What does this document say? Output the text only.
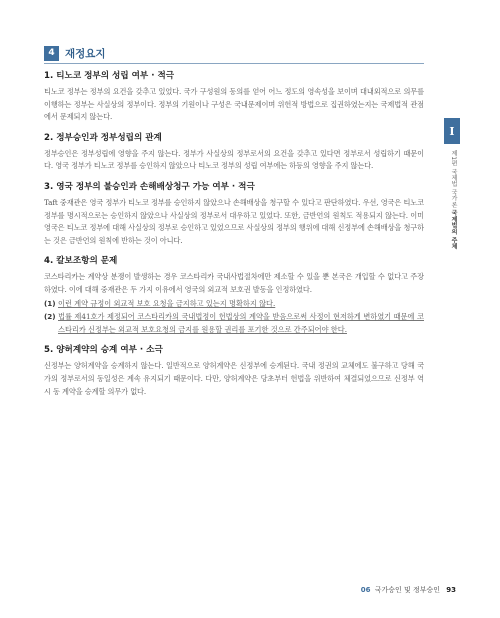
4 재정요지
1. 티노코 정부의 성립 여부 · 적극
티노코 정부는 정부의 요건을 갖추고 있었다. 국가 구성원의 동의를 얻어 어느 정도의 영속성을 보이며 대내외적으로 의무를 이행하는 정부는 사실상의 정부이다. 정부의 기원이나 구성은 국내문제이며 위헌적 방법으로 집권하였는지는 국제법적 관점에서 문제되지 않는다.
2. 정부승인과 정부성립의 관계
정부승인은 정부성립에 영향을 주지 않는다. 정부가 사실상의 정부로서의 요건을 갖추고 있다면 정부로서 성립하기 때문이다. 영국 정부가 티노코 정부를 승인하지 않았으나 티노코 정부의 성립 여부에는 하등의 영향을 주지 않는다.
3. 영국 정부의 불승인과 손해배상청구 가능 여부 · 적극
Taft 중재관은 영국 정부가 티노코 정부를 승인하지 않았으나 손해배상을 청구할 수 있다고 판단하였다. 우선, 영국은 티노코 정부를 명시적으로는 승인하지 않았으나 사실상의 정부로서 대우하고 있었다. 또한, 금반언의 원칙도 적용되지 않는다. 이미 영국은 티노코 정부에 대해 사실상의 정부로 승인하고 있었으므로 사실상의 정부의 행위에 대해 신정부에 손해배상을 청구하는 것은 금반언의 원칙에 반하는 것이 아니다.
4. 칼보조항의 문제
코스타리카는 계약상 분쟁이 발생하는 경우 코스타리카 국내사법절차에만 제소할 수 있을 뿐 본국은 개입할 수 없다고 주장하였다. 이에 대해 중재관은 두 가지 이유에서 영국의 외교적 보호권 발동을 인정하였다.
(1) 이런 계약 규정이 외교적 보호 요청을 금지하고 있는지 명확하지 않다.
(2) 법률 제41호가 제정되어 코스타리카의 국내법정이 헌법상의 계약을 받음으로써 사정이 현저하게 변하였기 때문에 코스타리카 신정부는 외교적 보호요청의 금지를 원용할 권리를 포기한 것으로 간주되어야 한다.
5. 양허계약의 승계 여부 · 소극
신정부는 양허계약을 승계하지 않는다. 일반적으로 양허계약은 신정부에 승계된다. 국내 정권의 교체에도 불구하고 당해 국가의 정부로서의 동일성은 계속 유지되기 때문이다. 다만, 양허계약은 당초부터 헌법을 위반하여 체결되었으므로 신정부 역시 동 계약을 승계할 의무가 없다.
I
제1편 국제법 국가론 국제법의 주체
06 국가승인 및 정부승인 93
